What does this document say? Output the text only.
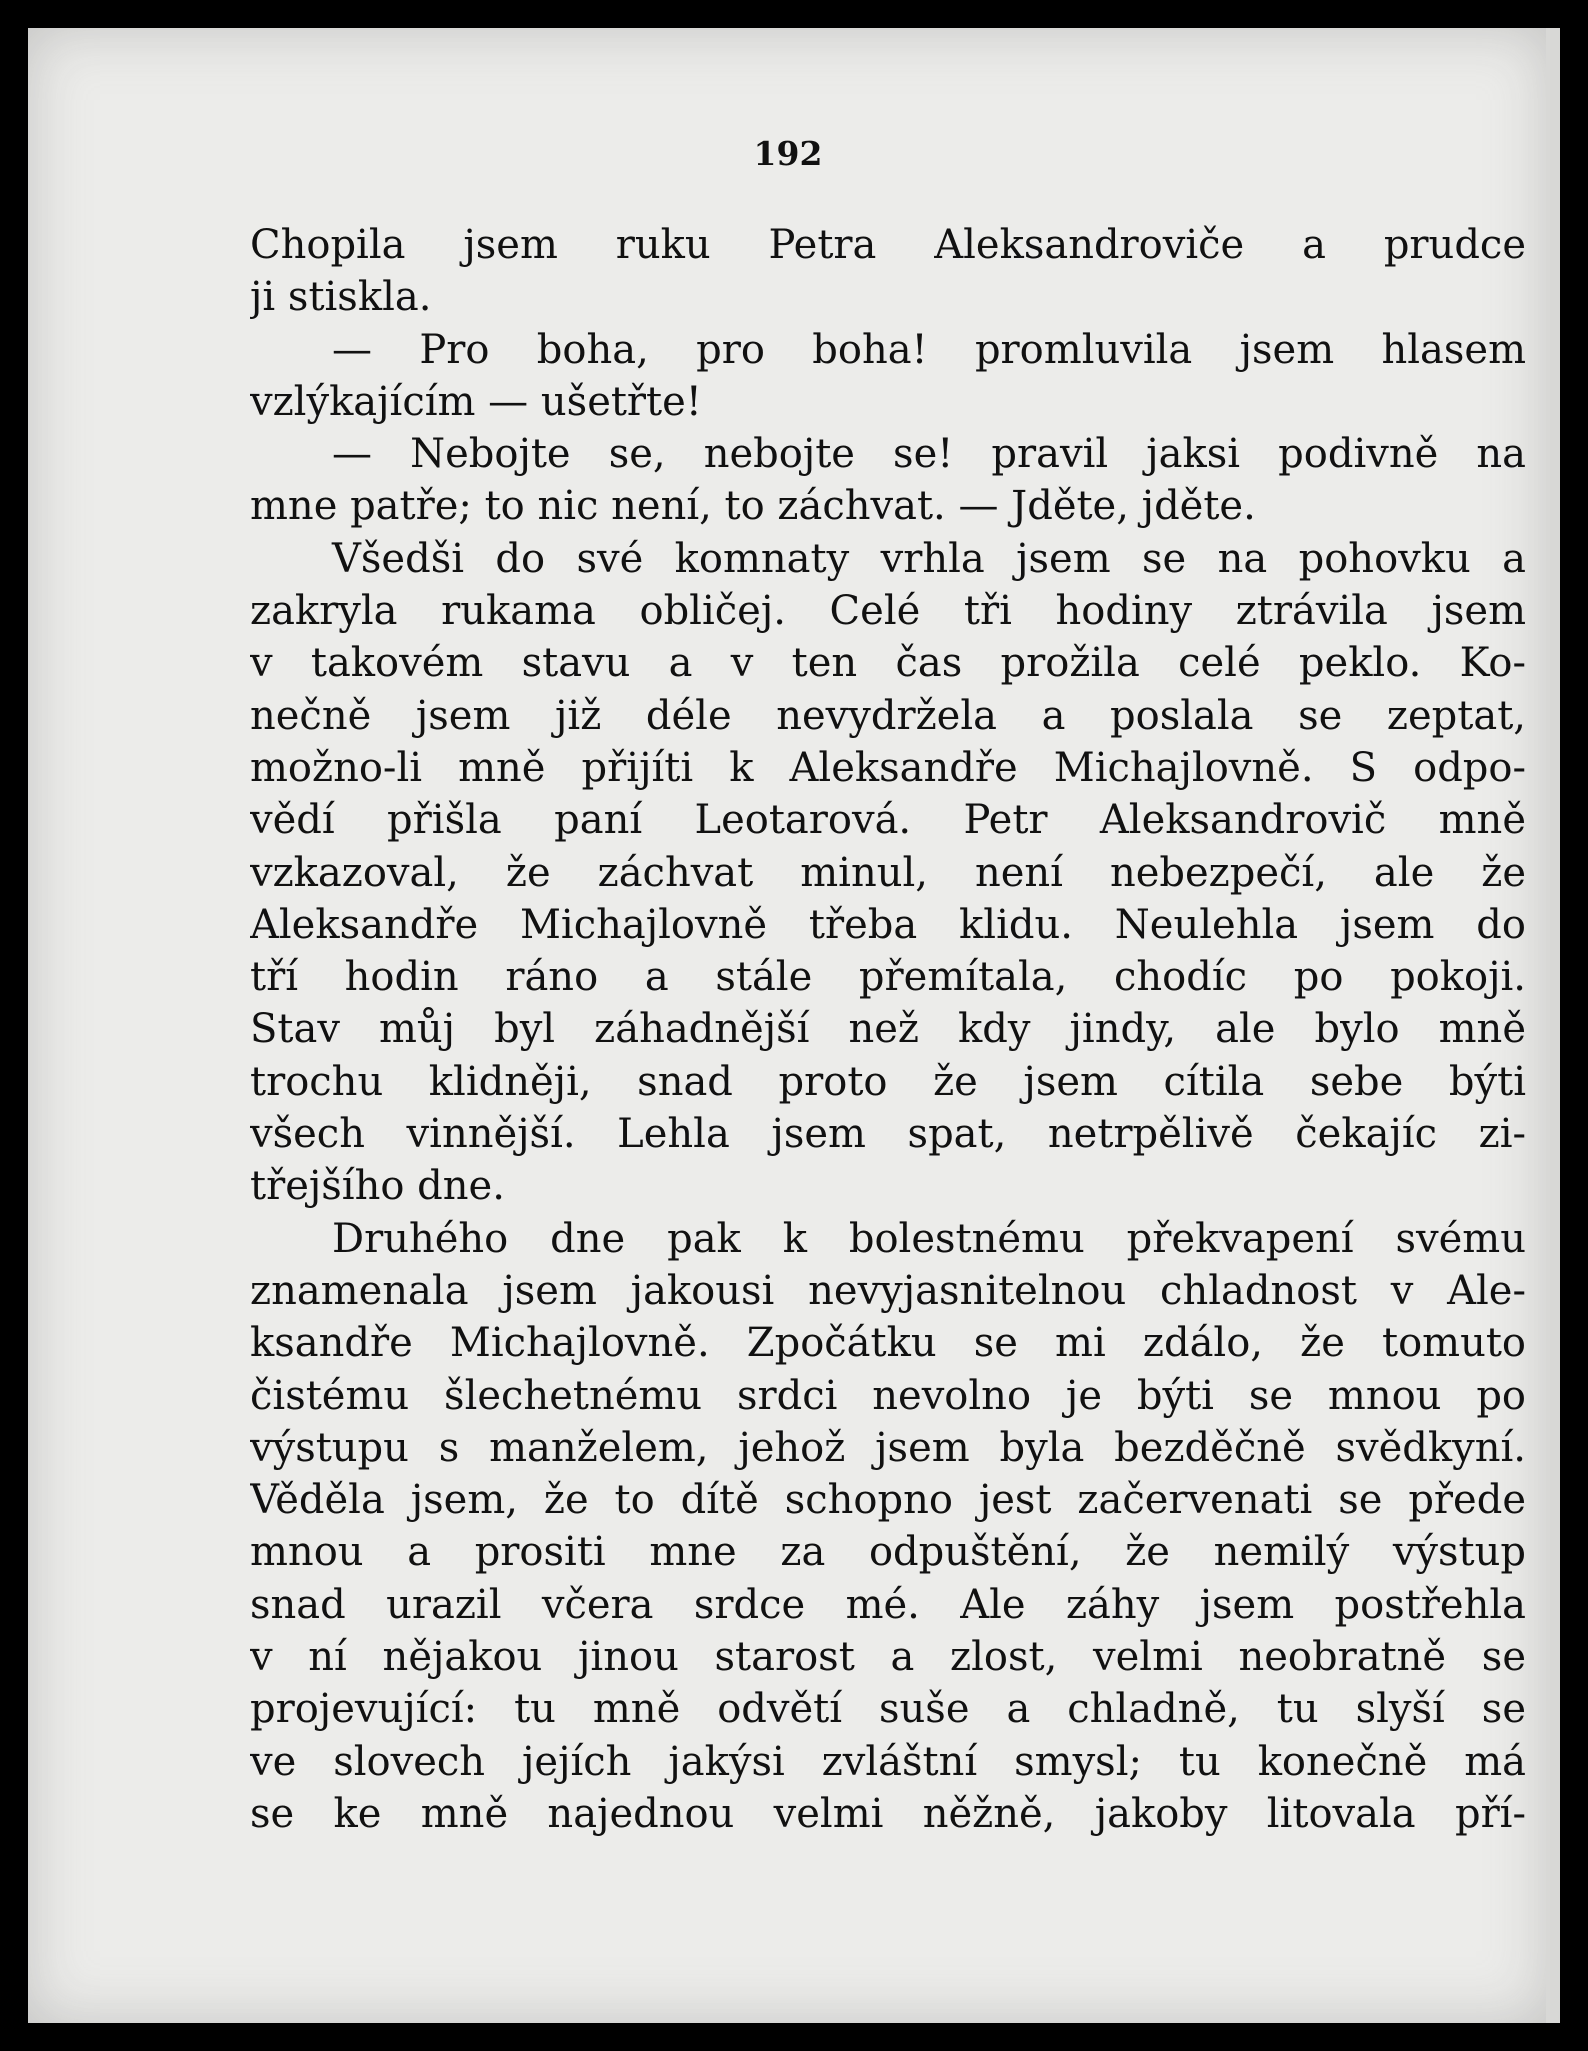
192

Chopila jsem ruku Petra Aleksandroviče a prudce
ji stiskla.
— Pro boha, pro boha! promluvila jsem hlasem
vzlýkajícím — ušetřte!
— Nebojte se, nebojte se! pravil jaksi podivně na
mne patře; to nic není, to záchvat. — Jděte, jděte.
Všedši do své komnaty vrhla jsem se na pohovku a
zakryla rukama obličej. Celé tři hodiny ztrávila jsem
v takovém stavu a v ten čas prožila celé peklo. Ko-
nečně jsem již déle nevydržela a poslala se zeptat,
možno-li mně přijíti k Aleksandře Michajlovně. S odpo-
vědí přišla paní Leotarová. Petr Aleksandrovič mně
vzkazoval, že záchvat minul, není nebezpečí, ale že
Aleksandře Michajlovně třeba klidu. Neulehla jsem do
tří hodin ráno a stále přemítala, chodíc po pokoji.
Stav můj byl záhadnější než kdy jindy, ale bylo mně
trochu klidněji, snad proto že jsem cítila sebe býti
všech vinnější. Lehla jsem spat, netrpělivě čekajíc zi-
třejšího dne.
Druhého dne pak k bolestnému překvapení svému
znamenala jsem jakousi nevyjasnitelnou chladnost v Ale-
ksandře Michajlovně. Zpočátku se mi zdálo, že tomuto
čistému šlechetnému srdci nevolno je býti se mnou po
výstupu s manželem, jehož jsem byla bezděčně svědkyní.
Věděla jsem, že to dítě schopno jest začervenati se přede
mnou a prositi mne za odpuštění, že nemilý výstup
snad urazil včera srdce mé. Ale záhy jsem postřehla
v ní nějakou jinou starost a zlost, velmi neobratně se
projevující: tu mně odvětí suše a chladně, tu slyší se
ve slovech jejích jakýsi zvláštní smysl; tu konečně má
se ke mně najednou velmi něžně, jakoby litovala pří-
